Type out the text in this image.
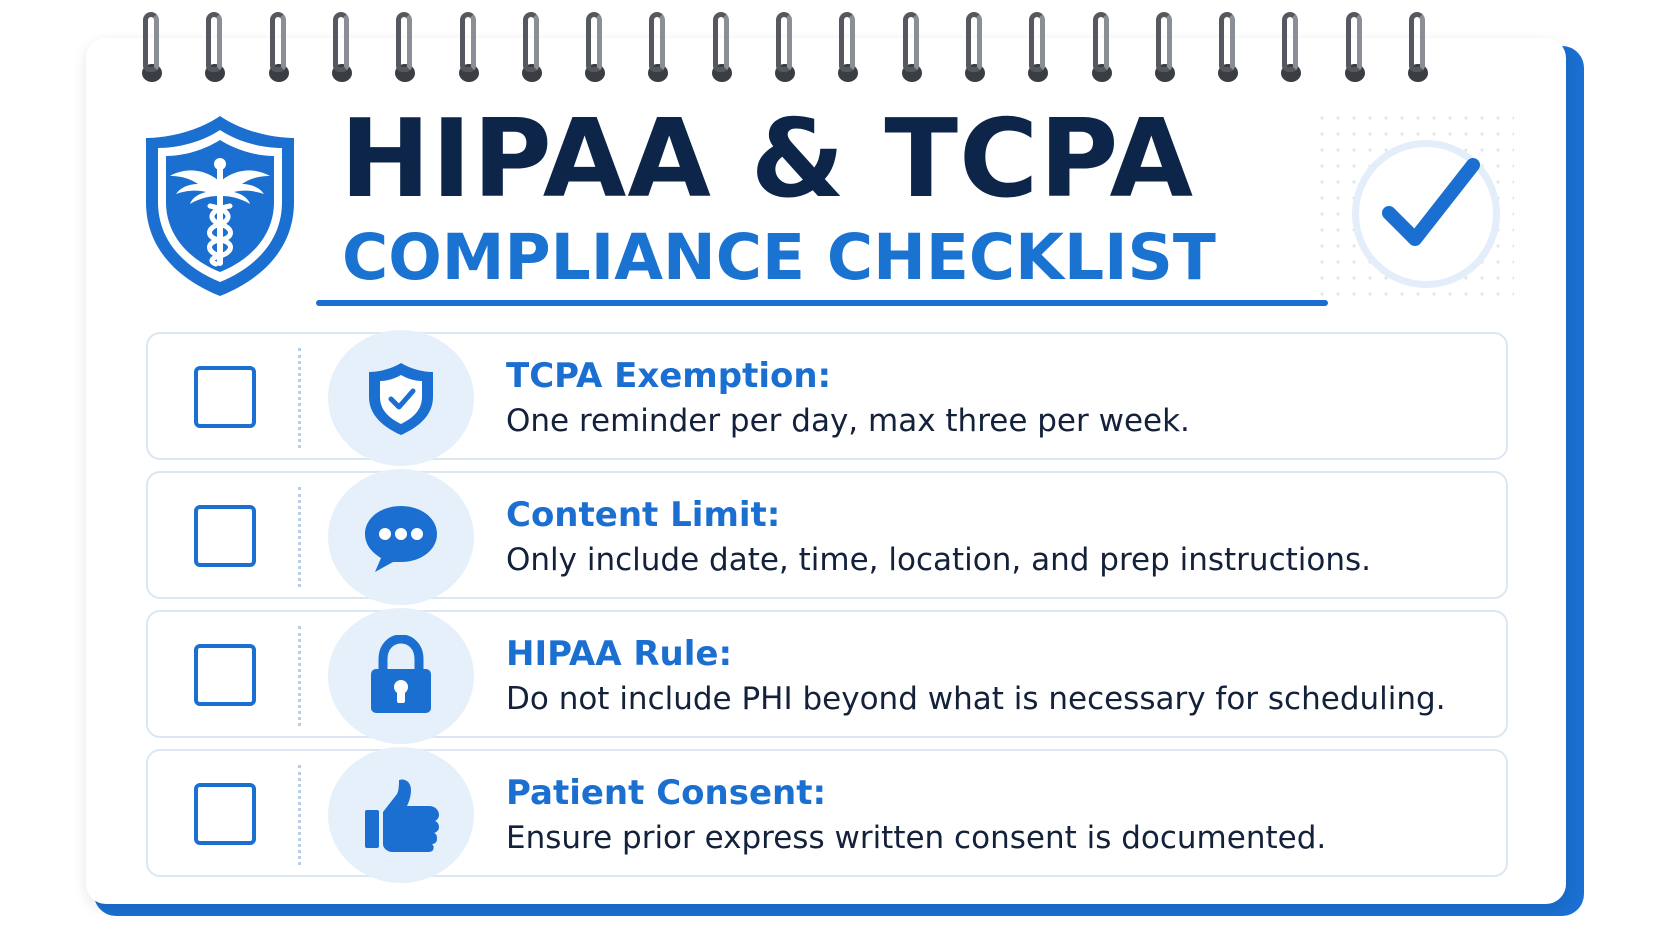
HIPAA & TCPA
COMPLIANCE CHECKLIST
TCPA Exemption:
One reminder per day, max three per week.
Content Limit:
Only include date, time, location, and prep instructions.
HIPAA Rule:
Do not include PHI beyond what is necessary for scheduling.
Patient Consent:
Ensure prior express written consent is documented.
